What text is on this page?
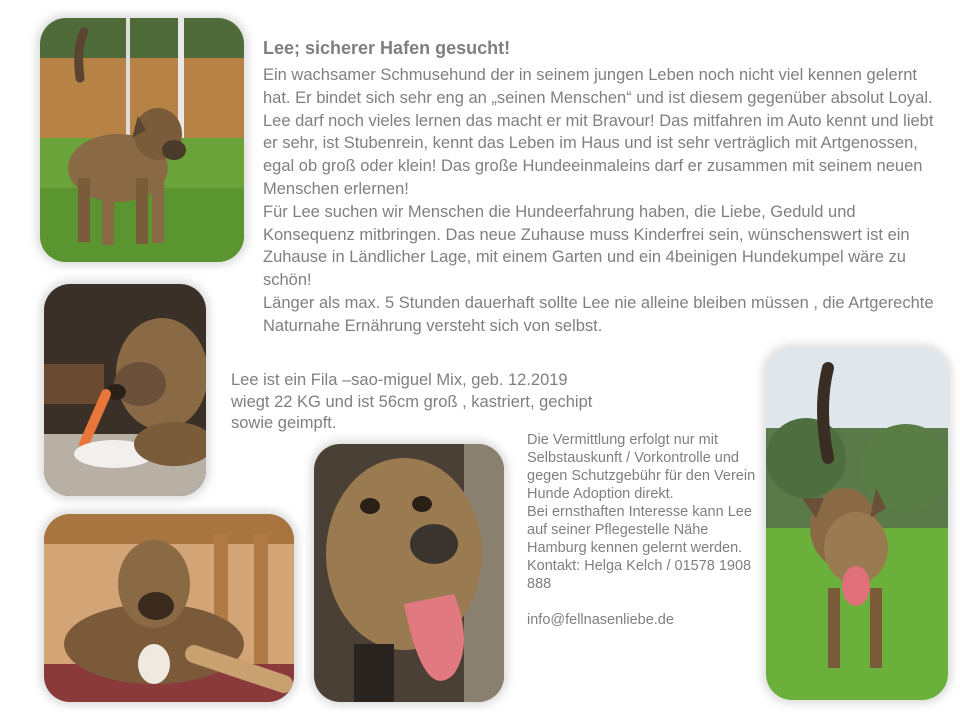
Lee; sicherer Hafen gesucht!

Ein wachsamer Schmusehund der in seinem jungen Leben noch nicht viel kennen gelernt hat. Er bindet sich sehr eng an „seinen Menschen“ und ist diesem gegenüber absolut Loyal. Lee darf noch vieles lernen das macht er mit Bravour! Das mitfahren im Auto kennt und liebt er sehr, ist Stubenrein, kennt das Leben im Haus und ist sehr verträglich mit Artgenossen, egal ob groß oder klein! Das große Hundeeinmaleins darf er zusammen mit seinem neuen Menschen erlernen!

Für Lee suchen wir Menschen die Hundeerfahrung haben, die Liebe, Geduld und Konsequenz mitbringen. Das neue Zuhause muss Kinderfrei sein, wünschenswert ist ein Zuhause in Ländlicher Lage, mit einem Garten und ein 4beinigen Hundekumpel wäre zu schön!

Länger als max. 5 Stunden dauerhaft sollte Lee nie alleine bleiben müssen , die Artgerechte Naturnahe Ernährung versteht sich von selbst.

Lee ist ein Fila –sao-miguel Mix, geb. 12.2019

wiegt 22 KG und ist 56cm groß , kastriert, gechipt

sowie geimpft.

Die Vermittlung erfolgt nur mit Selbstauskunft / Vorkontrolle und gegen Schutzgebühr für den Verein Hunde Adoption direkt.

Bei ernsthaften Interesse kann Lee auf seiner Pflegestelle Nähe Hamburg kennen gelernt werden.

Kontakt: Helga Kelch / 01578 1908 888

info@fellnasenliebe.de
